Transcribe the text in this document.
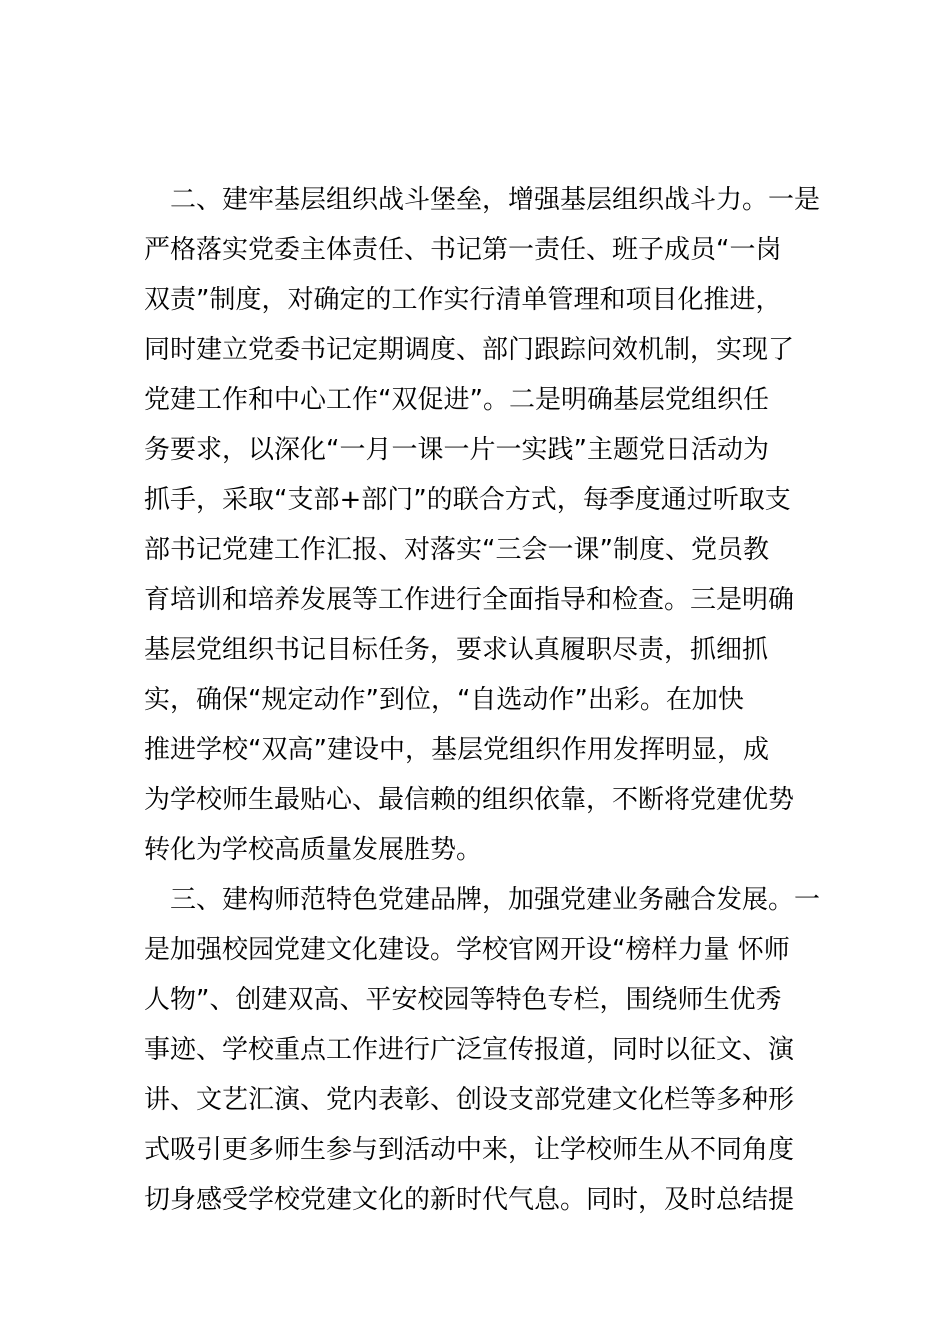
二、建牢基层组织战斗堡垒，增强基层组织战斗力。一是
严格落实党委主体责任、书记第一责任、班子成员“一岗
双责”制度，对确定的工作实行清单管理和项目化推进，
同时建立党委书记定期调度、部门跟踪问效机制，实现了
党建工作和中心工作“双促进”。二是明确基层党组织任
务要求，以深化“一月一课一片一实践”主题党日活动为
抓手，采取“支部+部门”的联合方式，每季度通过听取支
部书记党建工作汇报、对落实“三会一课”制度、党员教
育培训和培养发展等工作进行全面指导和检查。三是明确
基层党组织书记目标任务，要求认真履职尽责，抓细抓
实，确保“规定动作”到位，“自选动作”出彩。在加快
推进学校“双高”建设中，基层党组织作用发挥明显，成
为学校师生最贴心、最信赖的组织依靠，不断将党建优势
转化为学校高质量发展胜势。
三、建构师范特色党建品牌，加强党建业务融合发展。一
是加强校园党建文化建设。学校官网开设“榜样力量 怀师
人物”、创建双高、平安校园等特色专栏，围绕师生优秀
事迹、学校重点工作进行广泛宣传报道，同时以征文、演
讲、文艺汇演、党内表彰、创设支部党建文化栏等多种形
式吸引更多师生参与到活动中来，让学校师生从不同角度
切身感受学校党建文化的新时代气息。同时，及时总结提
